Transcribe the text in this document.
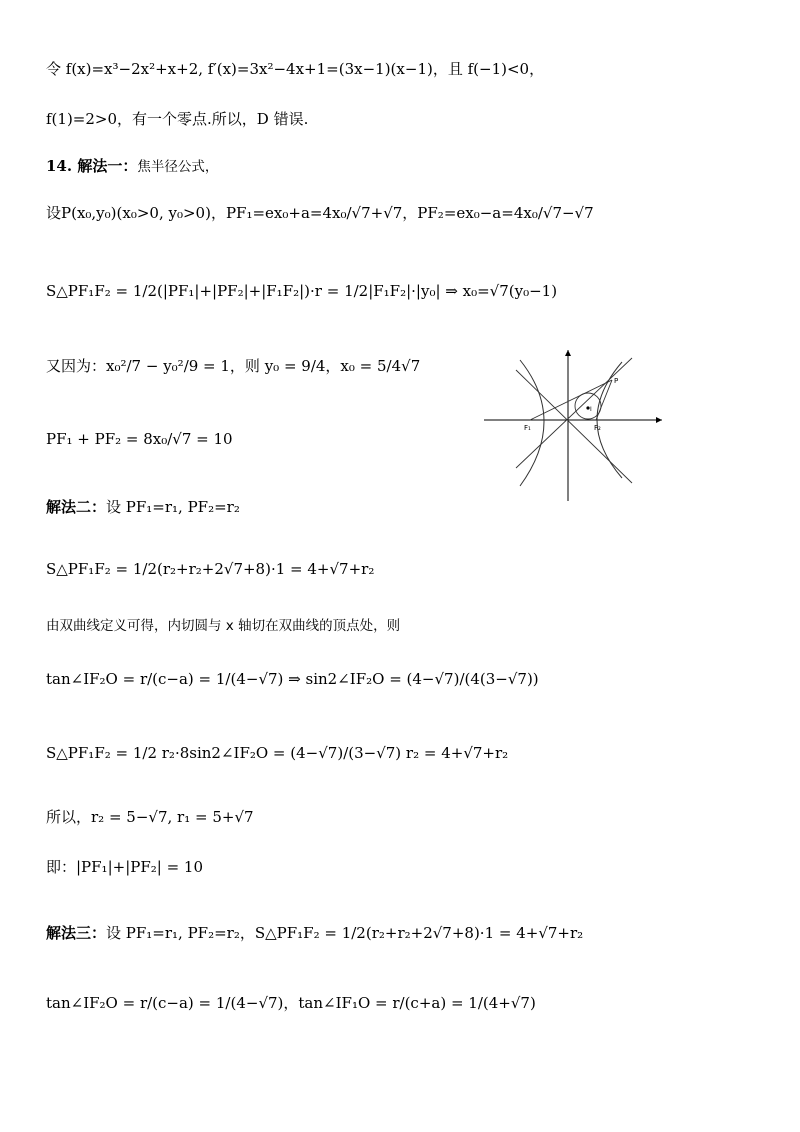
令 f(x)=x³−2x²+x+2, f′(x)=3x²−4x+1=(3x−1)(x−1)，且 f(−1)<0，
f(1)=2>0，有一个零点.所以，D 错误.
14. 解法一：焦半径公式，
设P(x₀,y₀)(x₀>0, y₀>0)，PF₁=ex₀+a=4x₀/√7+√7，PF₂=ex₀−a=4x₀/√7−√7
S△PF₁F₂ = 1/2(|PF₁|+|PF₂|+|F₁F₂|)·r = 1/2|F₁F₂|·|y₀| ⇒ x₀=√7(y₀−1)
又因为：x₀²/7 − y₀²/9 = 1，则 y₀ = 9/4，x₀ = 5/4√7
PF₁ + PF₂ = 8x₀/√7 = 10
解法二：设 PF₁=r₁, PF₂=r₂
S△PF₁F₂ = 1/2(r₂+r₂+2√7+8)·1 = 4+√7+r₂
由双曲线定义可得，内切圆与 x 轴切在双曲线的顶点处，则
tan∠IF₂O = r/(c−a) = 1/(4−√7) ⇒ sin2∠IF₂O = (4−√7)/(4(3−√7))
S△PF₁F₂ = 1/2 r₂·8sin2∠IF₂O = (4−√7)/(3−√7) r₂ = 4+√7+r₂
所以，r₂ = 5−√7, r₁ = 5+√7
即：|PF₁|+|PF₂| = 10
解法三：设 PF₁=r₁, PF₂=r₂，S△PF₁F₂ = 1/2(r₂+r₂+2√7+8)·1 = 4+√7+r₂
tan∠IF₂O = r/(c−a) = 1/(4−√7)，tan∠IF₁O = r/(c+a) = 1/(4+√7)
P
F₁	F₂
I
